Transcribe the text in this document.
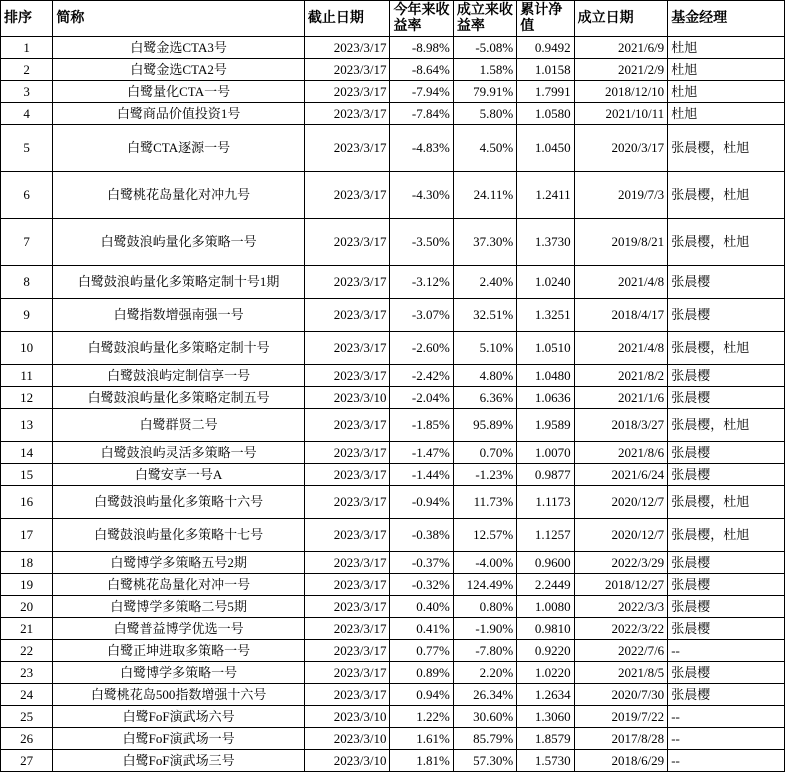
排序	简称	截止日期	今年来收益率	成立来收益率	累计净值	成立日期	基金经理
1	白鹭金选CTA3号	2023/3/17	-8.98%	-5.08%	0.9492	2021/6/9	杜旭
2	白鹭金选CTA2号	2023/3/17	-8.64%	1.58%	1.0158	2021/2/9	杜旭
3	白鹭量化CTA一号	2023/3/17	-7.94%	79.91%	1.7991	2018/12/10	杜旭
4	白鹭商品价值投资1号	2023/3/17	-7.84%	5.80%	1.0580	2021/10/11	杜旭
5	白鹭CTA逐源一号	2023/3/17	-4.83%	4.50%	1.0450	2020/3/17	张晨樱，杜旭
6	白鹭桃花岛量化对冲九号	2023/3/17	-4.30%	24.11%	1.2411	2019/7/3	张晨樱，杜旭
7	白鹭鼓浪屿量化多策略一号	2023/3/17	-3.50%	37.30%	1.3730	2019/8/21	张晨樱，杜旭
8	白鹭鼓浪屿量化多策略定制十号1期	2023/3/17	-3.12%	2.40%	1.0240	2021/4/8	张晨樱
9	白鹭指数增强南强一号	2023/3/17	-3.07%	32.51%	1.3251	2018/4/17	张晨樱
10	白鹭鼓浪屿量化多策略定制十号	2023/3/17	-2.60%	5.10%	1.0510	2021/4/8	张晨樱，杜旭
11	白鹭鼓浪屿定制信享一号	2023/3/17	-2.42%	4.80%	1.0480	2021/8/2	张晨樱
12	白鹭鼓浪屿量化多策略定制五号	2023/3/10	-2.04%	6.36%	1.0636	2021/1/6	张晨樱
13	白鹭群贤二号	2023/3/17	-1.85%	95.89%	1.9589	2018/3/27	张晨樱，杜旭
14	白鹭鼓浪屿灵活多策略一号	2023/3/17	-1.47%	0.70%	1.0070	2021/8/6	张晨樱
15	白鹭安享一号A	2023/3/17	-1.44%	-1.23%	0.9877	2021/6/24	张晨樱
16	白鹭鼓浪屿量化多策略十六号	2023/3/17	-0.94%	11.73%	1.1173	2020/12/7	张晨樱，杜旭
17	白鹭鼓浪屿量化多策略十七号	2023/3/17	-0.38%	12.57%	1.1257	2020/12/7	张晨樱，杜旭
18	白鹭博学多策略五号2期	2023/3/17	-0.37%	-4.00%	0.9600	2022/3/29	张晨樱
19	白鹭桃花岛量化对冲一号	2023/3/17	-0.32%	124.49%	2.2449	2018/12/27	张晨樱
20	白鹭博学多策略二号5期	2023/3/17	0.40%	0.80%	1.0080	2022/3/3	张晨樱
21	白鹭普益博学优选一号	2023/3/17	0.41%	-1.90%	0.9810	2022/3/22	张晨樱
22	白鹭正坤进取多策略一号	2023/3/17	0.77%	-7.80%	0.9220	2022/7/6	--
23	白鹭博学多策略一号	2023/3/17	0.89%	2.20%	1.0220	2021/8/5	张晨樱
24	白鹭桃花岛500指数增强十六号	2023/3/17	0.94%	26.34%	1.2634	2020/7/30	张晨樱
25	白鹭FoF演武场六号	2023/3/10	1.22%	30.60%	1.3060	2019/7/22	--
26	白鹭FoF演武场一号	2023/3/10	1.61%	85.79%	1.8579	2017/8/28	--
27	白鹭FoF演武场三号	2023/3/10	1.81%	57.30%	1.5730	2018/6/29	--
